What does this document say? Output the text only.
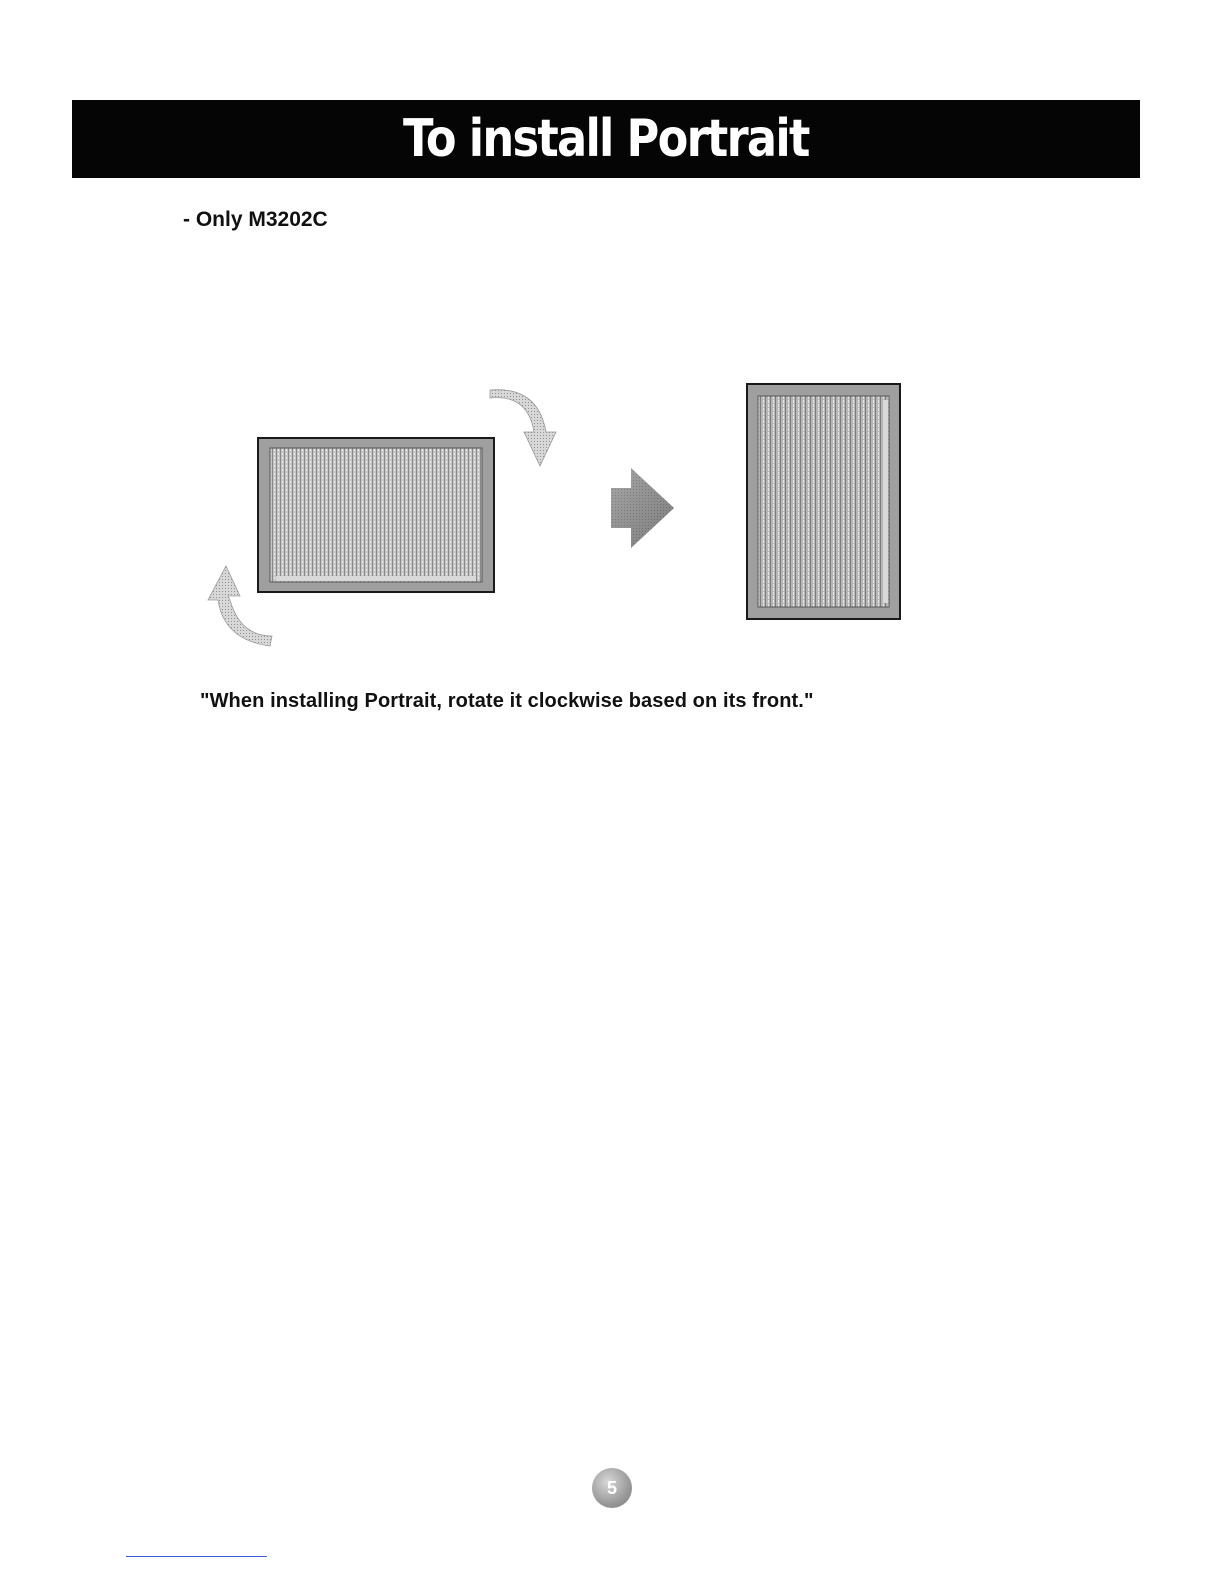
To install Portrait
- Only M3202C
"When installing Portrait, rotate it clockwise based on its front."
5
